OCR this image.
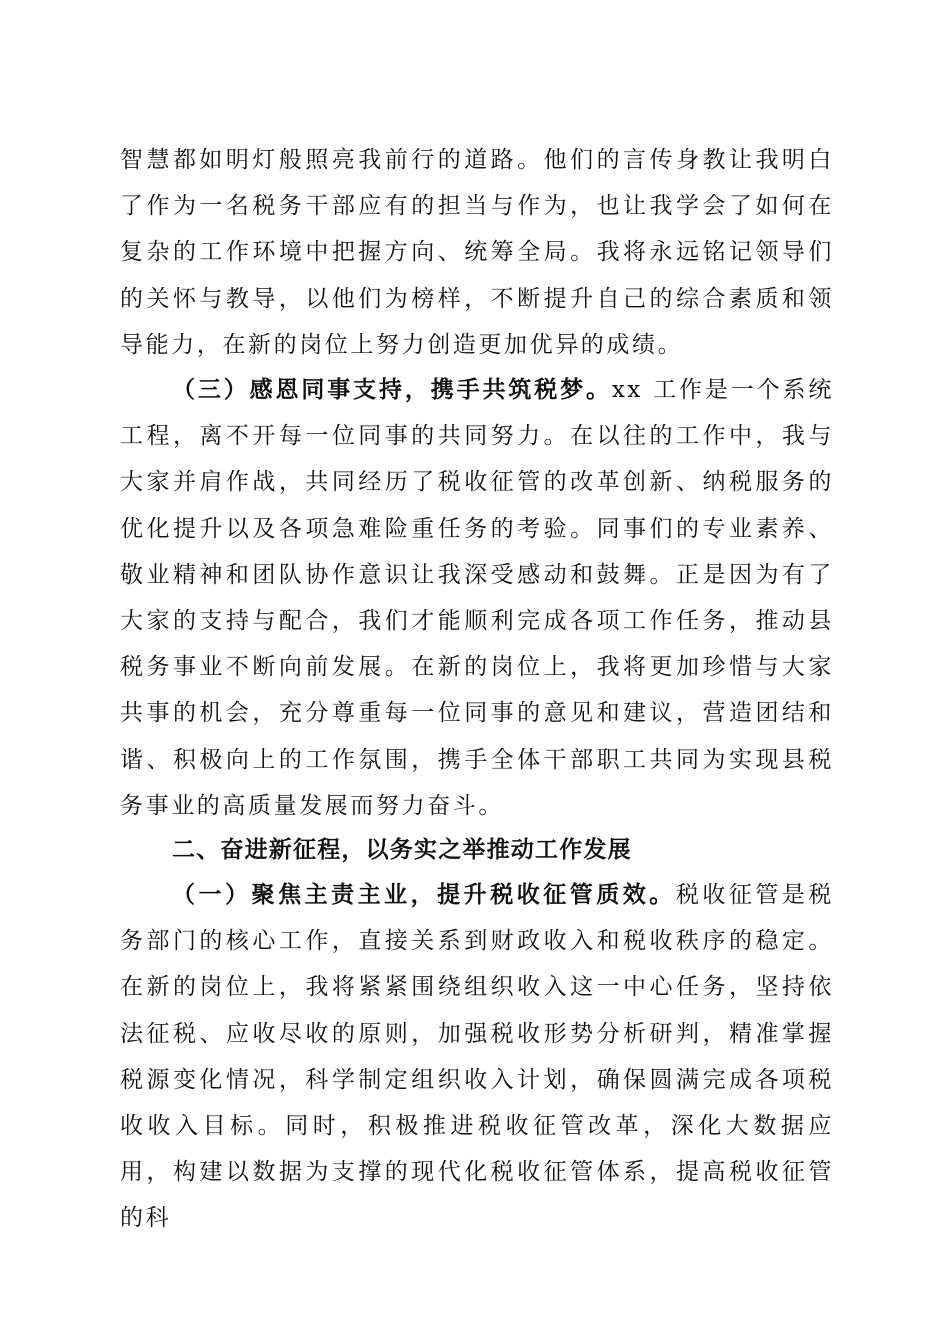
智慧都如明灯般照亮我前行的道路。他们的言传身教让我明白了作为一名税务干部应有的担当与作为，也让我学会了如何在复杂的工作环境中把握方向、统筹全局。我将永远铭记领导们的关怀与教导，以他们为榜样，不断提升自己的综合素质和领导能力，在新的岗位上努力创造更加优异的成绩。

（三）感恩同事支持，携手共筑税梦。xx 工作是一个系统工程，离不开每一位同事的共同努力。在以往的工作中，我与大家并肩作战，共同经历了税收征管的改革创新、纳税服务的优化提升以及各项急难险重任务的考验。同事们的专业素养、敬业精神和团队协作意识让我深受感动和鼓舞。正是因为有了大家的支持与配合，我们才能顺利完成各项工作任务，推动县税务事业不断向前发展。在新的岗位上，我将更加珍惜与大家共事的机会，充分尊重每一位同事的意见和建议，营造团结和谐、积极向上的工作氛围，携手全体干部职工共同为实现县税务事业的高质量发展而努力奋斗。

二、奋进新征程，以务实之举推动工作发展

（一）聚焦主责主业，提升税收征管质效。税收征管是税务部门的核心工作，直接关系到财政收入和税收秩序的稳定。在新的岗位上，我将紧紧围绕组织收入这一中心任务，坚持依法征税、应收尽收的原则，加强税收形势分析研判，精准掌握税源变化情况，科学制定组织收入计划，确保圆满完成各项税收收入目标。同时，积极推进税收征管改革，深化大数据应用，构建以数据为支撑的现代化税收征管体系，提高税收征管的科
